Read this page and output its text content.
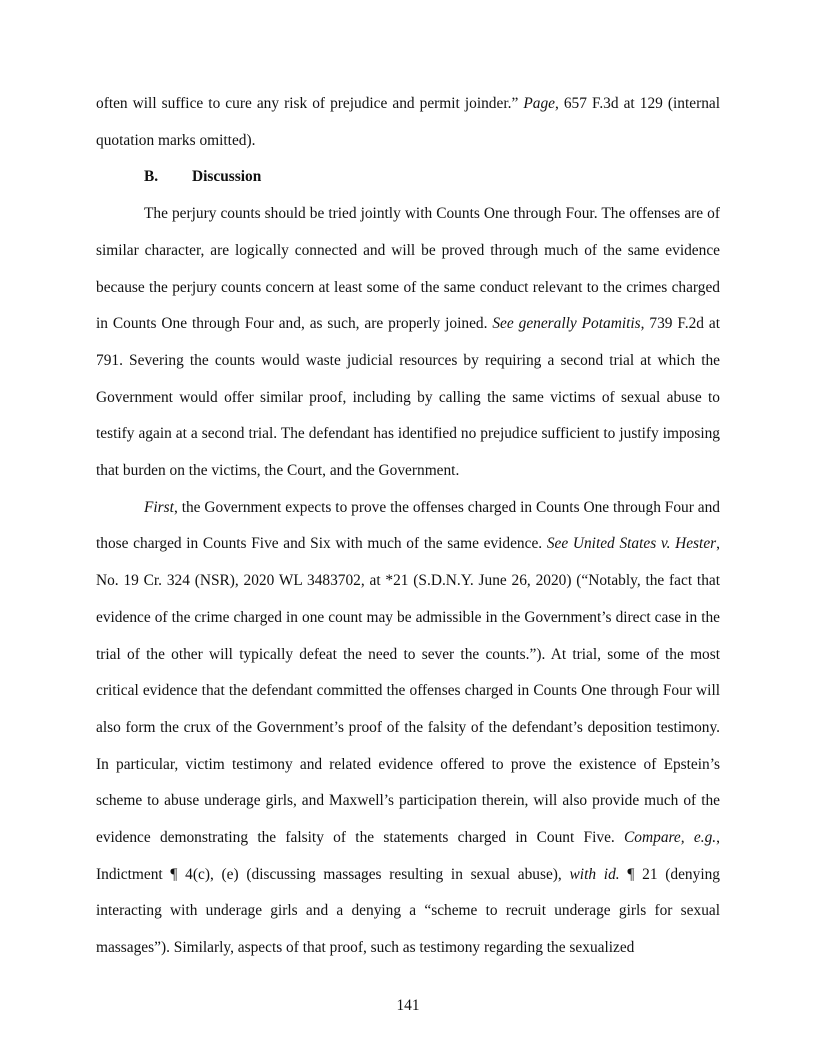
often will suffice to cure any risk of prejudice and permit joinder.” Page, 657 F.3d at 129 (internal quotation marks omitted).

B. Discussion

The perjury counts should be tried jointly with Counts One through Four. The offenses are of similar character, are logically connected and will be proved through much of the same evidence because the perjury counts concern at least some of the same conduct relevant to the crimes charged in Counts One through Four and, as such, are properly joined. See generally Potamitis, 739 F.2d at 791. Severing the counts would waste judicial resources by requiring a second trial at which the Government would offer similar proof, including by calling the same victims of sexual abuse to testify again at a second trial. The defendant has identified no prejudice sufficient to justify imposing that burden on the victims, the Court, and the Government.

First, the Government expects to prove the offenses charged in Counts One through Four and those charged in Counts Five and Six with much of the same evidence. See United States v. Hester, No. 19 Cr. 324 (NSR), 2020 WL 3483702, at *21 (S.D.N.Y. June 26, 2020) (“Notably, the fact that evidence of the crime charged in one count may be admissible in the Government’s direct case in the trial of the other will typically defeat the need to sever the counts.”). At trial, some of the most critical evidence that the defendant committed the offenses charged in Counts One through Four will also form the crux of the Government’s proof of the falsity of the defendant’s deposition testimony. In particular, victim testimony and related evidence offered to prove the existence of Epstein’s scheme to abuse underage girls, and Maxwell’s participation therein, will also provide much of the evidence demonstrating the falsity of the statements charged in Count Five. Compare, e.g., Indictment ¶ 4(c), (e) (discussing massages resulting in sexual abuse), with id. ¶ 21 (denying interacting with underage girls and a denying a “scheme to recruit underage girls for sexual massages”). Similarly, aspects of that proof, such as testimony regarding the sexualized

141
